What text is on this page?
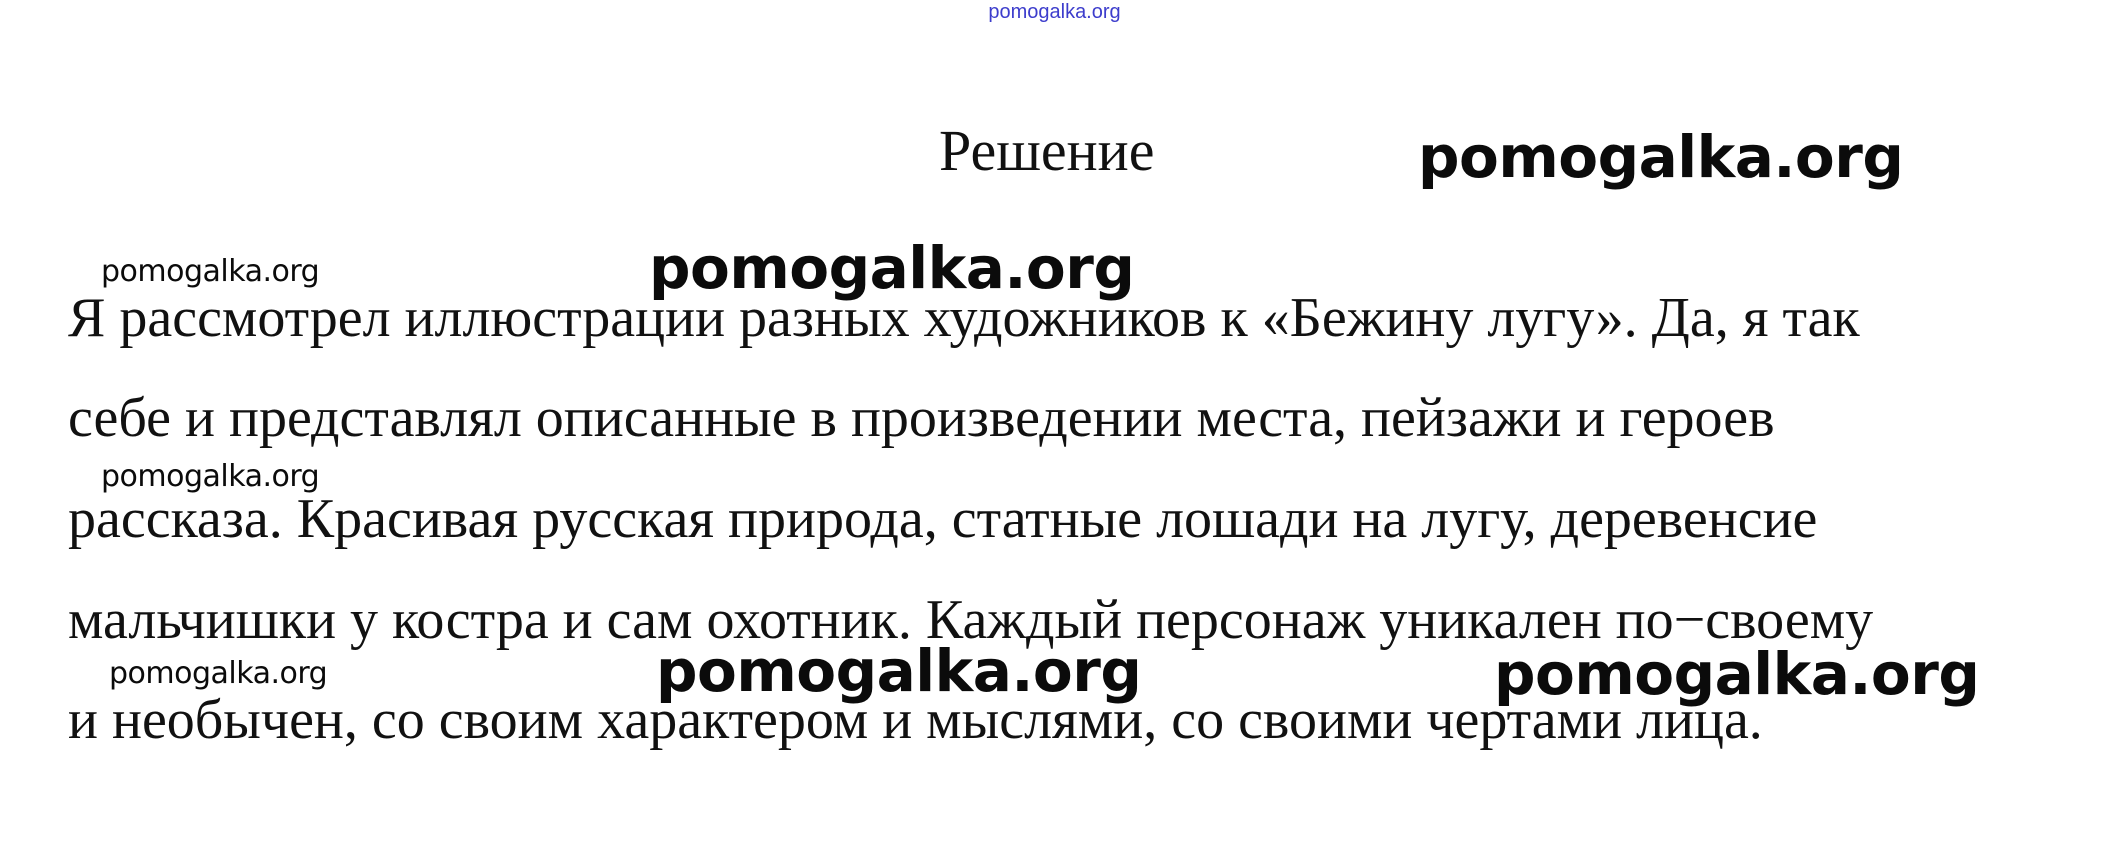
pomogalka.org
Решение
Я рассмотрел иллюстрации разных художников к «Бежину лугу». Да, я так
себе и представлял описанные в произведении места, пейзажи и героев
рассказа. Красивая русская природа, статные лошади на лугу, деревенсие
мальчишки у костра и сам охотник. Каждый персонаж уникален по−своему
и необычен, со своим характером и мыслями, со своими чертами лица.
pomogalka.org
pomogalka.org	pomogalka.org
pomogalka.org
pomogalka.org	pomogalka.org	pomogalka.org
